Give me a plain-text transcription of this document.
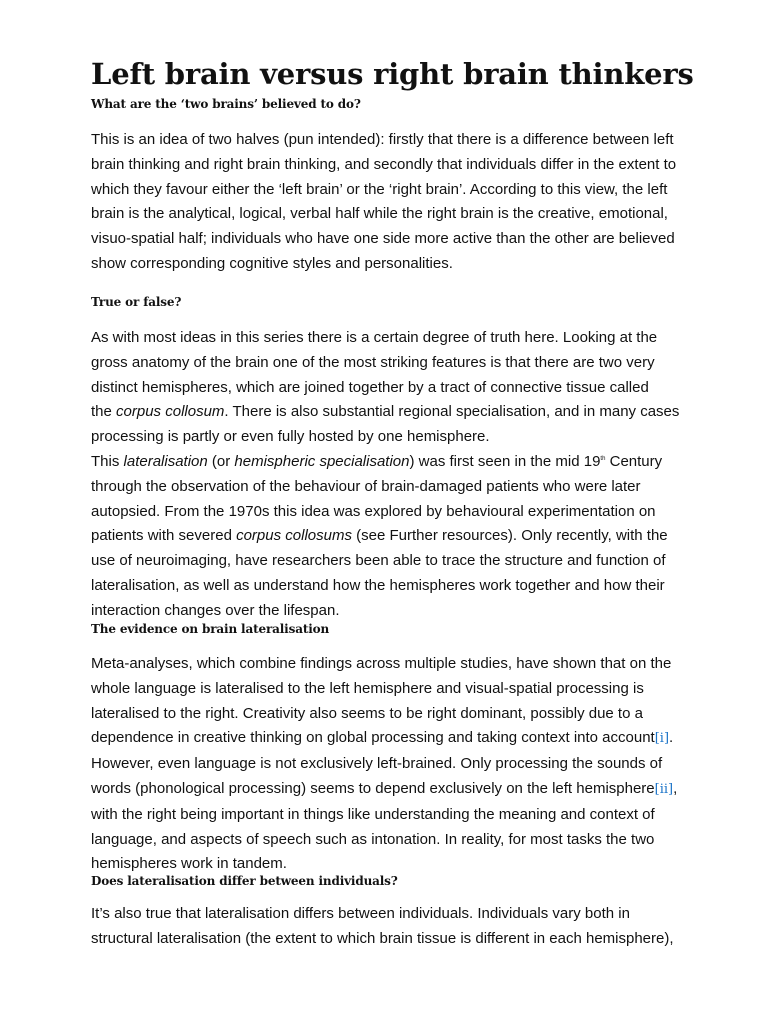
Left brain versus right brain thinkers
What are the ‘two brains’ believed to do?
This is an idea of two halves (pun intended): firstly that there is a difference between left
brain thinking and right brain thinking, and secondly that individuals differ in the extent to
which they favour either the ‘left brain’ or the ‘right brain’. According to this view, the left
brain is the analytical, logical, verbal half while the right brain is the creative, emotional,
visuo-spatial half; individuals who have one side more active than the other are believed
show corresponding cognitive styles and personalities.
True or false?
As with most ideas in this series there is a certain degree of truth here. Looking at the
gross anatomy of the brain one of the most striking features is that there are two very
distinct hemispheres, which are joined together by a tract of connective tissue called
the corpus collosum. There is also substantial regional specialisation, and in many cases
processing is partly or even fully hosted by one hemisphere.
This lateralisation (or hemispheric specialisation) was first seen in the mid 19th Century
through the observation of the behaviour of brain-damaged patients who were later
autopsied. From the 1970s this idea was explored by behavioural experimentation on
patients with severed corpus collosums (see Further resources). Only recently, with the
use of neuroimaging, have researchers been able to trace the structure and function of
lateralisation, as well as understand how the hemispheres work together and how their
interaction changes over the lifespan.
The evidence on brain lateralisation
Meta-analyses, which combine findings across multiple studies, have shown that on the
whole language is lateralised to the left hemisphere and visual-spatial processing is
lateralised to the right. Creativity also seems to be right dominant, possibly due to a
dependence in creative thinking on global processing and taking context into account[i].
However, even language is not exclusively left-brained. Only processing the sounds of
words (phonological processing) seems to depend exclusively on the left hemisphere[ii],
with the right being important in things like understanding the meaning and context of
language, and aspects of speech such as intonation. In reality, for most tasks the two
hemispheres work in tandem.
Does lateralisation differ between individuals?
It’s also true that lateralisation differs between individuals. Individuals vary both in
structural lateralisation (the extent to which brain tissue is different in each hemisphere),
